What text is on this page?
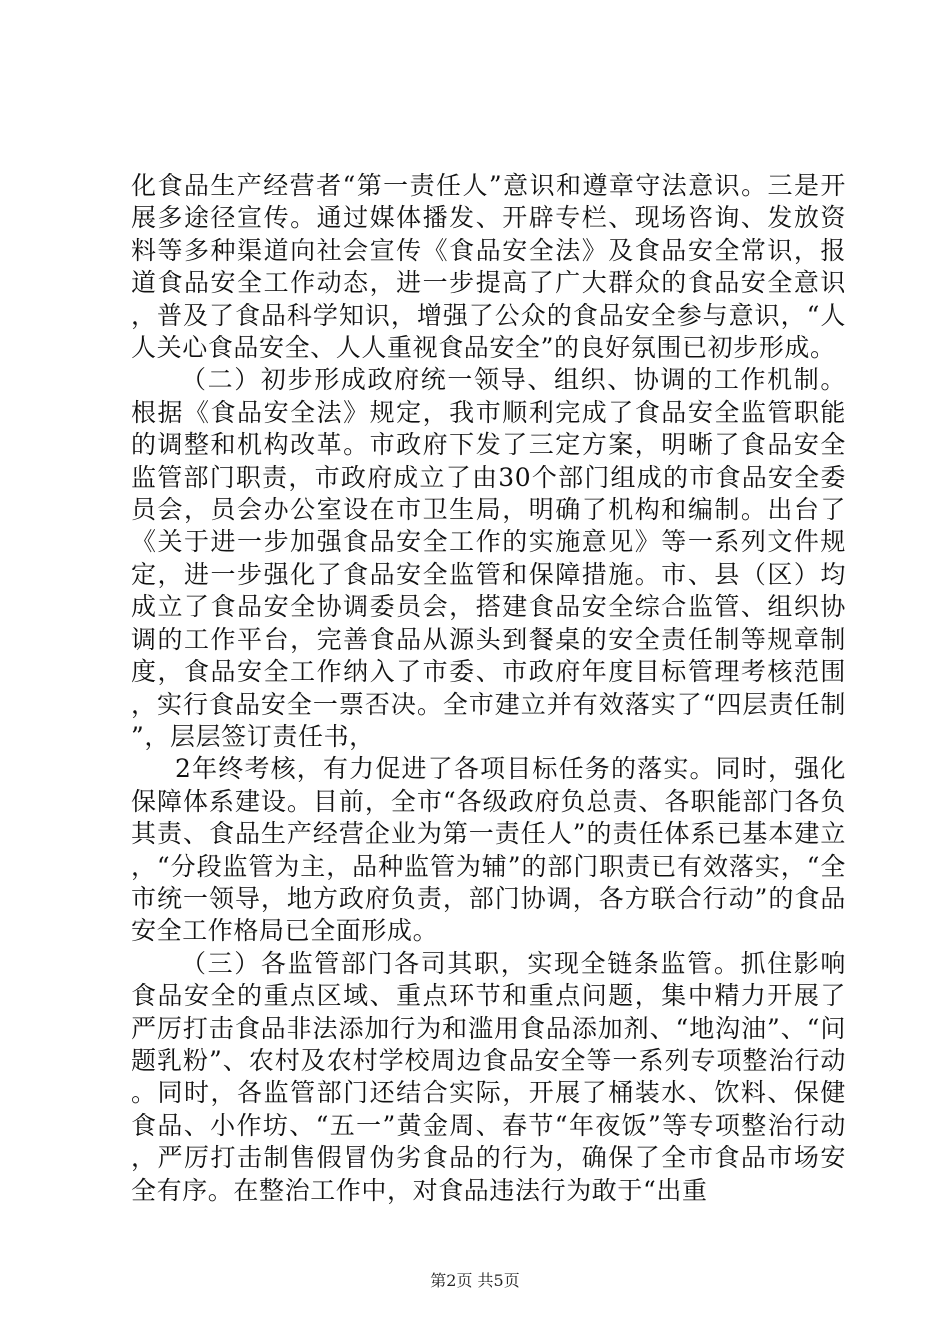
化食品生产经营者“第一责任人”意识和遵章守法意识。三是开展多途径宣传。通过媒体播发、开辟专栏、现场咨询、发放资料等多种渠道向社会宣传《食品安全法》及食品安全常识，报道食品安全工作动态，进一步提高了广大群众的食品安全意识，普及了食品科学知识，增强了公众的食品安全参与意识，“人人关心食品安全、人人重视食品安全”的良好氛围已初步形成。

（二）初步形成政府统一领导、组织、协调的工作机制。根据《食品安全法》规定，我市顺利完成了食品安全监管职能的调整和机构改革。市政府下发了三定方案，明晰了食品安全监管部门职责，市政府成立了由30个部门组成的市食品安全委员会，员会办公室设在市卫生局，明确了机构和编制。出台了《关于进一步加强食品安全工作的实施意见》等一系列文件规定，进一步强化了食品安全监管和保障措施。市、县（区）均成立了食品安全协调委员会，搭建食品安全综合监管、组织协调的工作平台，完善食品从源头到餐桌的安全责任制等规章制度，食品安全工作纳入了市委、市政府年度目标管理考核范围，实行食品安全一票否决。全市建立并有效落实了“四层责任制”，层层签订责任书，

2年终考核，有力促进了各项目标任务的落实。同时，强化保障体系建设。目前，全市“各级政府负总责、各职能部门各负其责、食品生产经营企业为第一责任人”的责任体系已基本建立，“分段监管为主，品种监管为辅”的部门职责已有效落实，“全市统一领导，地方政府负责，部门协调，各方联合行动”的食品安全工作格局已全面形成。

（三）各监管部门各司其职，实现全链条监管。抓住影响食品安全的重点区域、重点环节和重点问题，集中精力开展了严厉打击食品非法添加行为和滥用食品添加剂、“地沟油”、“问题乳粉”、农村及农村学校周边食品安全等一系列专项整治行动。同时，各监管部门还结合实际，开展了桶装水、饮料、保健食品、小作坊、“五一”黄金周、春节“年夜饭”等专项整治行动，严厉打击制售假冒伪劣食品的行为，确保了全市食品市场安全有序。在整治工作中，对食品违法行为敢于“出重

第2页 共5页
